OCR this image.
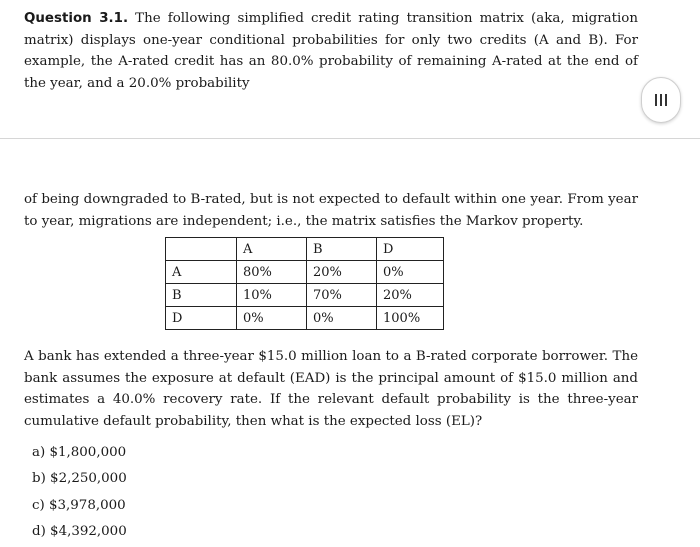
Question 3.1. The following simplified credit rating transition matrix (aka, migration matrix) displays one-year conditional probabilities for only two credits (A and B). For example, the A-rated credit has an 80.0% probability of remaining A-rated at the end of the year, and a 20.0% probability
of being downgraded to B-rated, but is not expected to default within one year. From year to year, migrations are independent; i.e., the matrix satisfies the Markov property.
	A	B	D
A	80%	20%	0%
B	10%	70%	20%
D	0%	0%	100%
A bank has extended a three-year $15.0 million loan to a B-rated corporate borrower. The bank assumes the exposure at default (EAD) is the principal amount of $15.0 million and estimates a 40.0% recovery rate. If the relevant default probability is the three-year cumulative default probability, then what is the expected loss (EL)?
a) $1,800,000
b) $2,250,000
c) $3,978,000
d) $4,392,000
